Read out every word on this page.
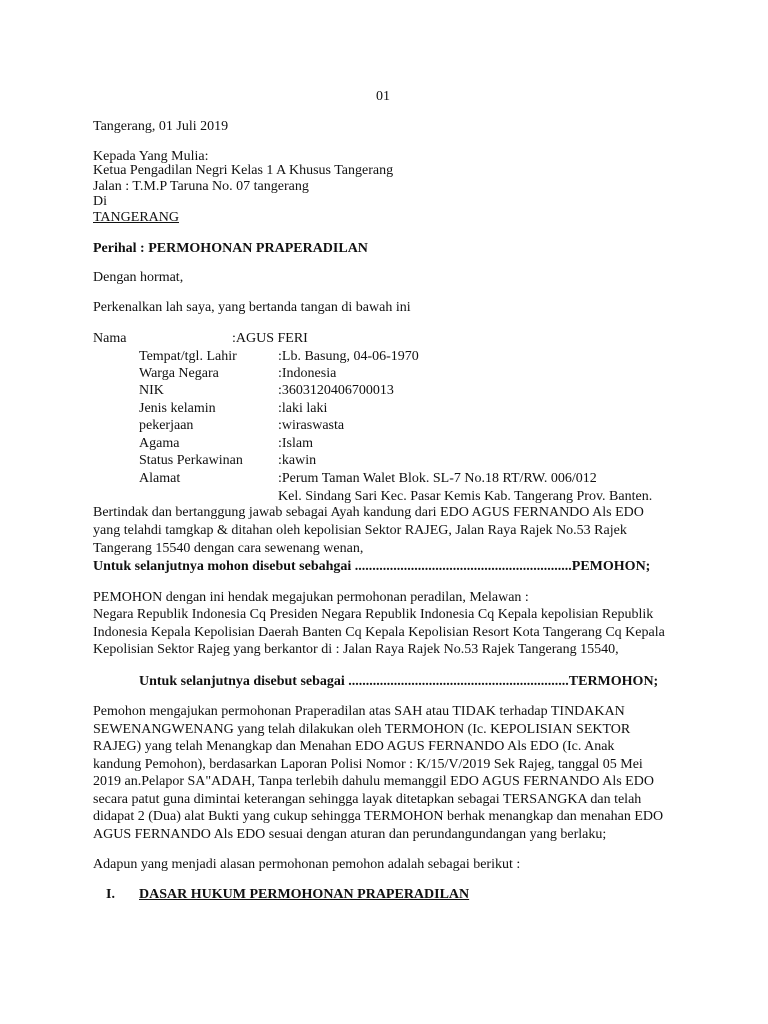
01
Tangerang, 01 Juli 2019
Kepada Yang Mulia:
Ketua Pengadilan Negri Kelas 1 A Khusus Tangerang
Jalan : T.M.P Taruna No. 07 tangerang
Di
TANGERANG
Perihal : PERMOHONAN PRAPERADILAN
Dengan hormat,
Perkenalkan lah saya, yang bertanda tangan di bawah ini
Nama	:AGUS FERI
Tempat/tgl. Lahir	:Lb. Basung, 04-06-1970
Warga Negara	:Indonesia
NIK	:3603120406700013
Jenis kelamin	:laki laki
pekerjaan	:wiraswasta
Agama	:Islam
Status Perkawinan	:kawin
Alamat	:Perum Taman Walet Blok. SL-7 No.18 RT/RW. 006/012
Kel. Sindang Sari Kec. Pasar Kemis Kab. Tangerang Prov. Banten.
Bertindak dan bertanggung jawab sebagai Ayah kandung dari EDO AGUS FERNANDO Als EDO
yang telahdi tamgkap & ditahan oleh kepolisian Sektor RAJEG, Jalan Raya Rajek No.53 Rajek
Tangerang 15540 dengan cara sewenang wenan,
Untuk selanjutnya mohon disebut sebahgai ..............................................................PEMOHON;
PEMOHON dengan ini hendak megajukan permohonan peradilan, Melawan :
Negara Republik Indonesia Cq Presiden Negara Republik Indonesia Cq Kepala kepolisian Republik
Indonesia Kepala Kepolisian Daerah Banten Cq Kepala Kepolisian Resort Kota Tangerang Cq Kepala
Kepolisian Sektor Rajeg yang berkantor di : Jalan Raya Rajek No.53 Rajek Tangerang 15540,
Untuk selanjutnya disebut sebagai ...............................................................TERMOHON;
Pemohon mengajukan permohonan Praperadilan atas SAH atau TIDAK terhadap TINDAKAN
SEWENANGWENANG yang telah dilakukan oleh TERMOHON (Ic. KEPOLISIAN SEKTOR
RAJEG) yang telah Menangkap dan Menahan EDO AGUS FERNANDO Als EDO (Ic. Anak
kandung Pemohon), berdasarkan Laporan Polisi Nomor : K/15/V/2019 Sek Rajeg, tanggal 05 Mei
2019 an.Pelapor SA"ADAH, Tanpa terlebih dahulu memanggil EDO AGUS FERNANDO Als EDO
secara patut guna dimintai keterangan sehingga layak ditetapkan sebagai TERSANGKA dan telah
didapat 2 (Dua) alat Bukti yang cukup sehingga TERMOHON berhak menangkap dan menahan EDO
AGUS FERNANDO Als EDO sesuai dengan aturan dan perundangundangan yang berlaku;
Adapun yang menjadi alasan permohonan pemohon adalah sebagai berikut :
I. DASAR HUKUM PERMOHONAN PRAPERADILAN
